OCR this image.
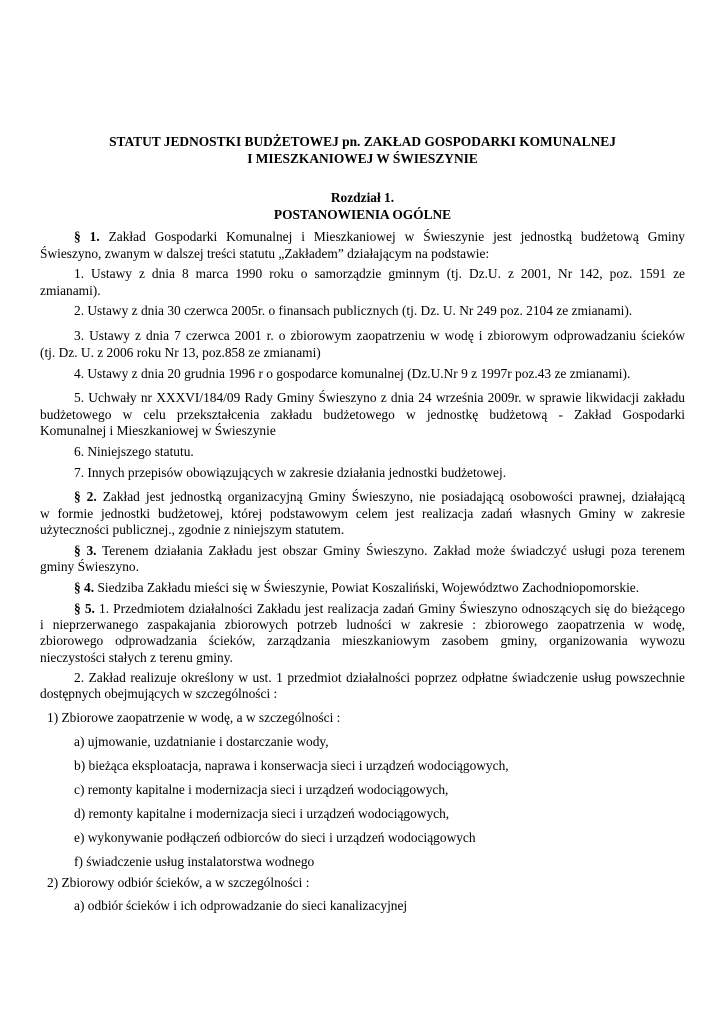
STATUT JEDNOSTKI BUDŻETOWEJ pn. ZAKŁAD GOSPODARKI KOMUNALNEJ
I MIESZKANIOWEJ W ŚWIESZYNIE
Rozdział 1.
POSTANOWIENIA OGÓLNE
§ 1. Zakład Gospodarki Komunalnej i Mieszkaniowej w Świeszynie jest jednostką budżetową Gminy
Świeszyno, zwanym w dalszej treści statutu „Zakładem” działającym na podstawie:
1. Ustawy z dnia 8 marca 1990 roku o samorządzie gminnym (tj. Dz.U. z 2001, Nr 142, poz. 1591 ze
zmianami).
2. Ustawy z dnia 30 czerwca 2005r. o finansach publicznych (tj. Dz. U. Nr 249 poz. 2104 ze zmianami).
3. Ustawy z dnia 7 czerwca 2001 r. o zbiorowym zaopatrzeniu w wodę i zbiorowym odprowadzaniu ścieków
(tj. Dz. U. z 2006 roku Nr 13, poz.858 ze zmianami)
4. Ustawy z dnia 20 grudnia 1996 r o gospodarce komunalnej (Dz.U.Nr 9 z 1997r poz.43 ze zmianami).
5. Uchwały nr XXXVI/184/09 Rady Gminy Świeszyno z dnia 24 września 2009r. w sprawie likwidacji zakładu
budżetowego w celu przekształcenia zakładu budżetowego w jednostkę budżetową - Zakład Gospodarki
Komunalnej i Mieszkaniowej w Świeszynie
6. Niniejszego statutu.
7. Innych przepisów obowiązujących w zakresie działania jednostki budżetowej.
§ 2. Zakład jest jednostką organizacyjną Gminy Świeszyno, nie posiadającą osobowości prawnej, działającą
w formie jednostki budżetowej, której podstawowym celem jest realizacja zadań własnych Gminy w zakresie
użyteczności publicznej., zgodnie z niniejszym statutem.
§ 3. Terenem działania Zakładu jest obszar Gminy Świeszyno. Zakład może świadczyć usługi poza terenem
gminy Świeszyno.
§ 4. Siedziba Zakładu mieści się w Świeszynie, Powiat Koszaliński, Województwo Zachodniopomorskie.
§ 5. 1. Przedmiotem działalności Zakładu jest realizacja zadań Gminy Świeszyno odnoszących się do bieżącego
i nieprzerwanego zaspakajania zbiorowych potrzeb ludności w zakresie : zbiorowego zaopatrzenia w wodę,
zbiorowego odprowadzania ścieków, zarządzania mieszkaniowym zasobem gminy, organizowania wywozu
nieczystości stałych z terenu gminy.
2. Zakład realizuje określony w ust. 1 przedmiot działalności poprzez odpłatne świadczenie usług powszechnie
dostępnych obejmujących w szczególności :
1) Zbiorowe zaopatrzenie w wodę, a w szczególności :
a) ujmowanie, uzdatnianie i dostarczanie wody,
b) bieżąca eksploatacja, naprawa i konserwacja sieci i urządzeń wodociągowych,
c) remonty kapitalne i modernizacja sieci i urządzeń wodociągowych,
d) remonty kapitalne i modernizacja sieci i urządzeń wodociągowych,
e) wykonywanie podłączeń odbiorców do sieci i urządzeń wodociągowych
f) świadczenie usług instalatorstwa wodnego
2) Zbiorowy odbiór ścieków, a w szczególności :
a) odbiór ścieków i ich odprowadzanie do sieci kanalizacyjnej
